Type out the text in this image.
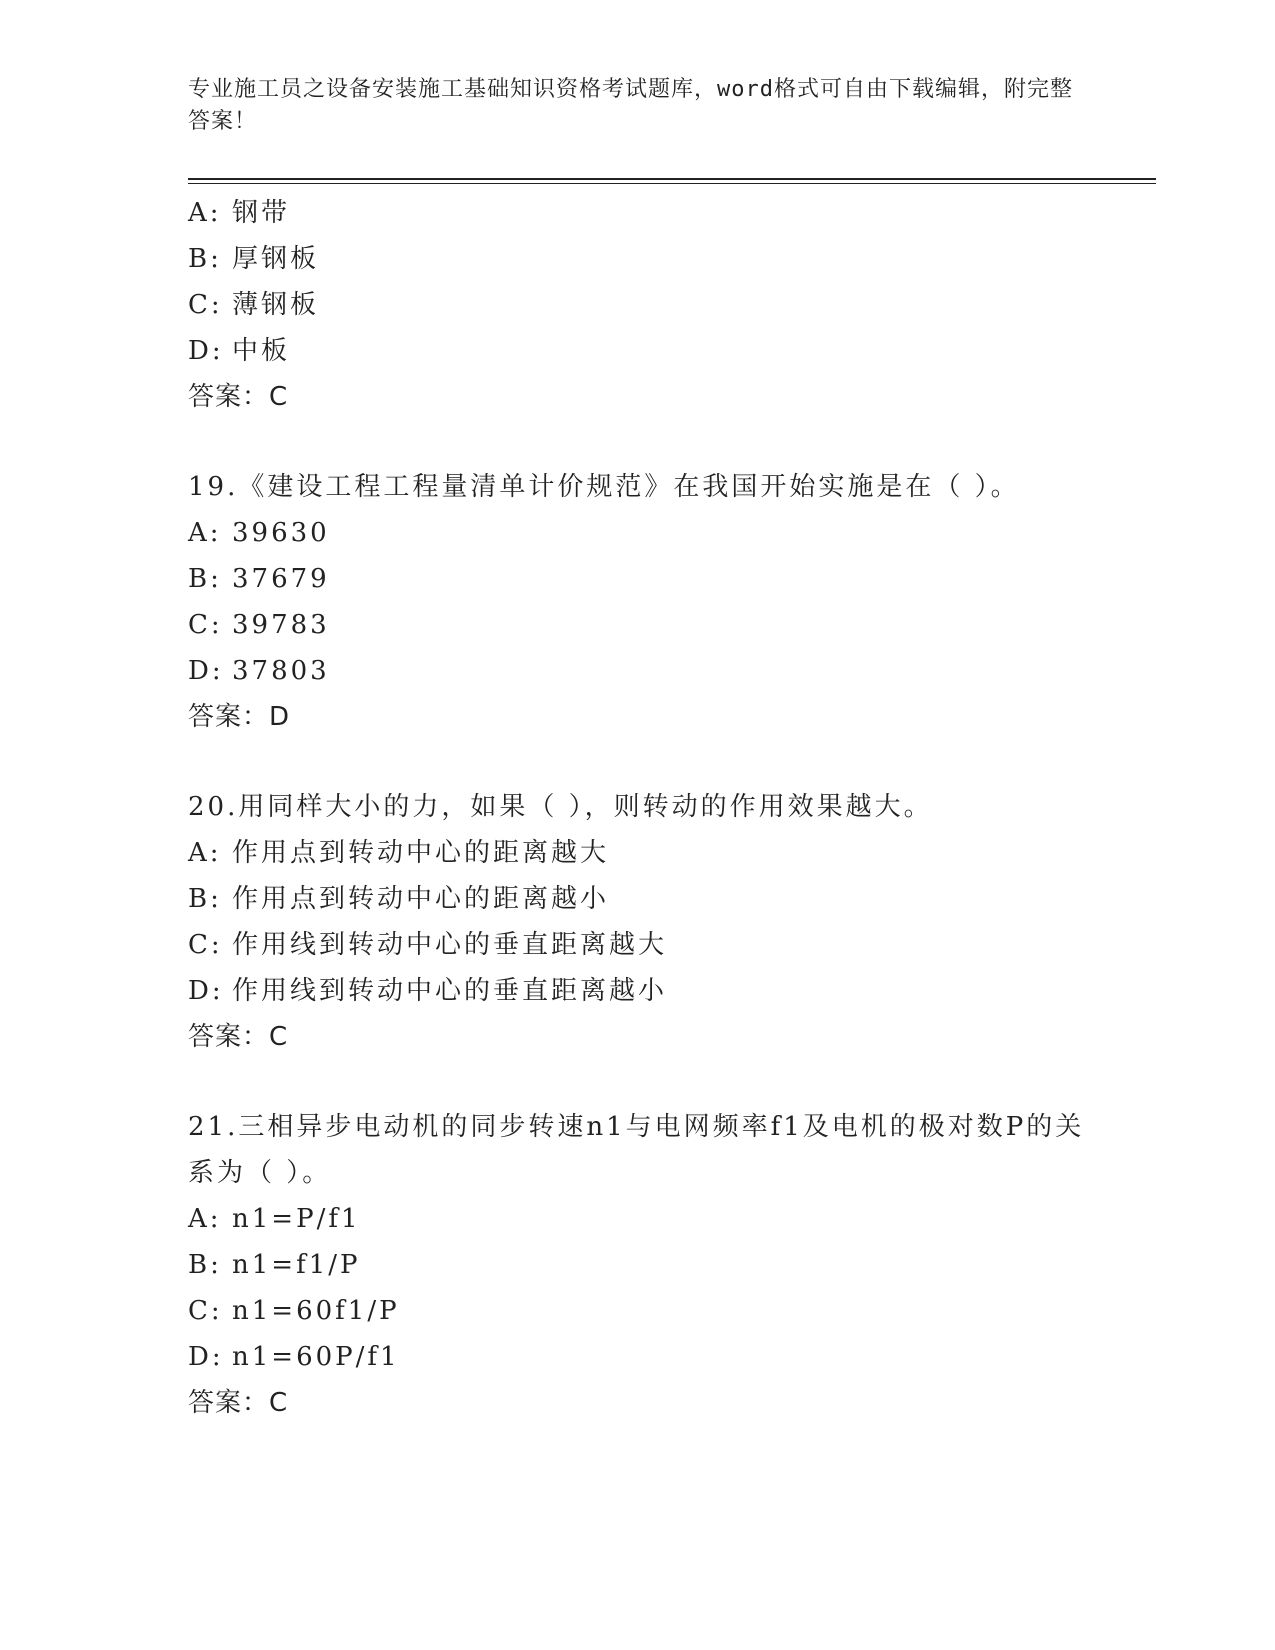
专业施工员之设备安装施工基础知识资格考试题库，word格式可自由下载编辑，附完整答案！
A: 钢带
B: 厚钢板
C: 薄钢板
D: 中板
答案：C
19.《建设工程工程量清单计价规范》在我国开始实施是在（ ）。
A: 39630
B: 37679
C: 39783
D: 37803
答案：D
20.用同样大小的力，如果（ ），则转动的作用效果越大。
A: 作用点到转动中心的距离越大
B: 作用点到转动中心的距离越小
C: 作用线到转动中心的垂直距离越大
D: 作用线到转动中心的垂直距离越小
答案：C
21.三相异步电动机的同步转速n1与电网频率f1及电机的极对数P的关系为（ ）。
A: n1=P/f1
B: n1=f1/P
C: n1=60f1/P
D: n1=60P/f1
答案：C
